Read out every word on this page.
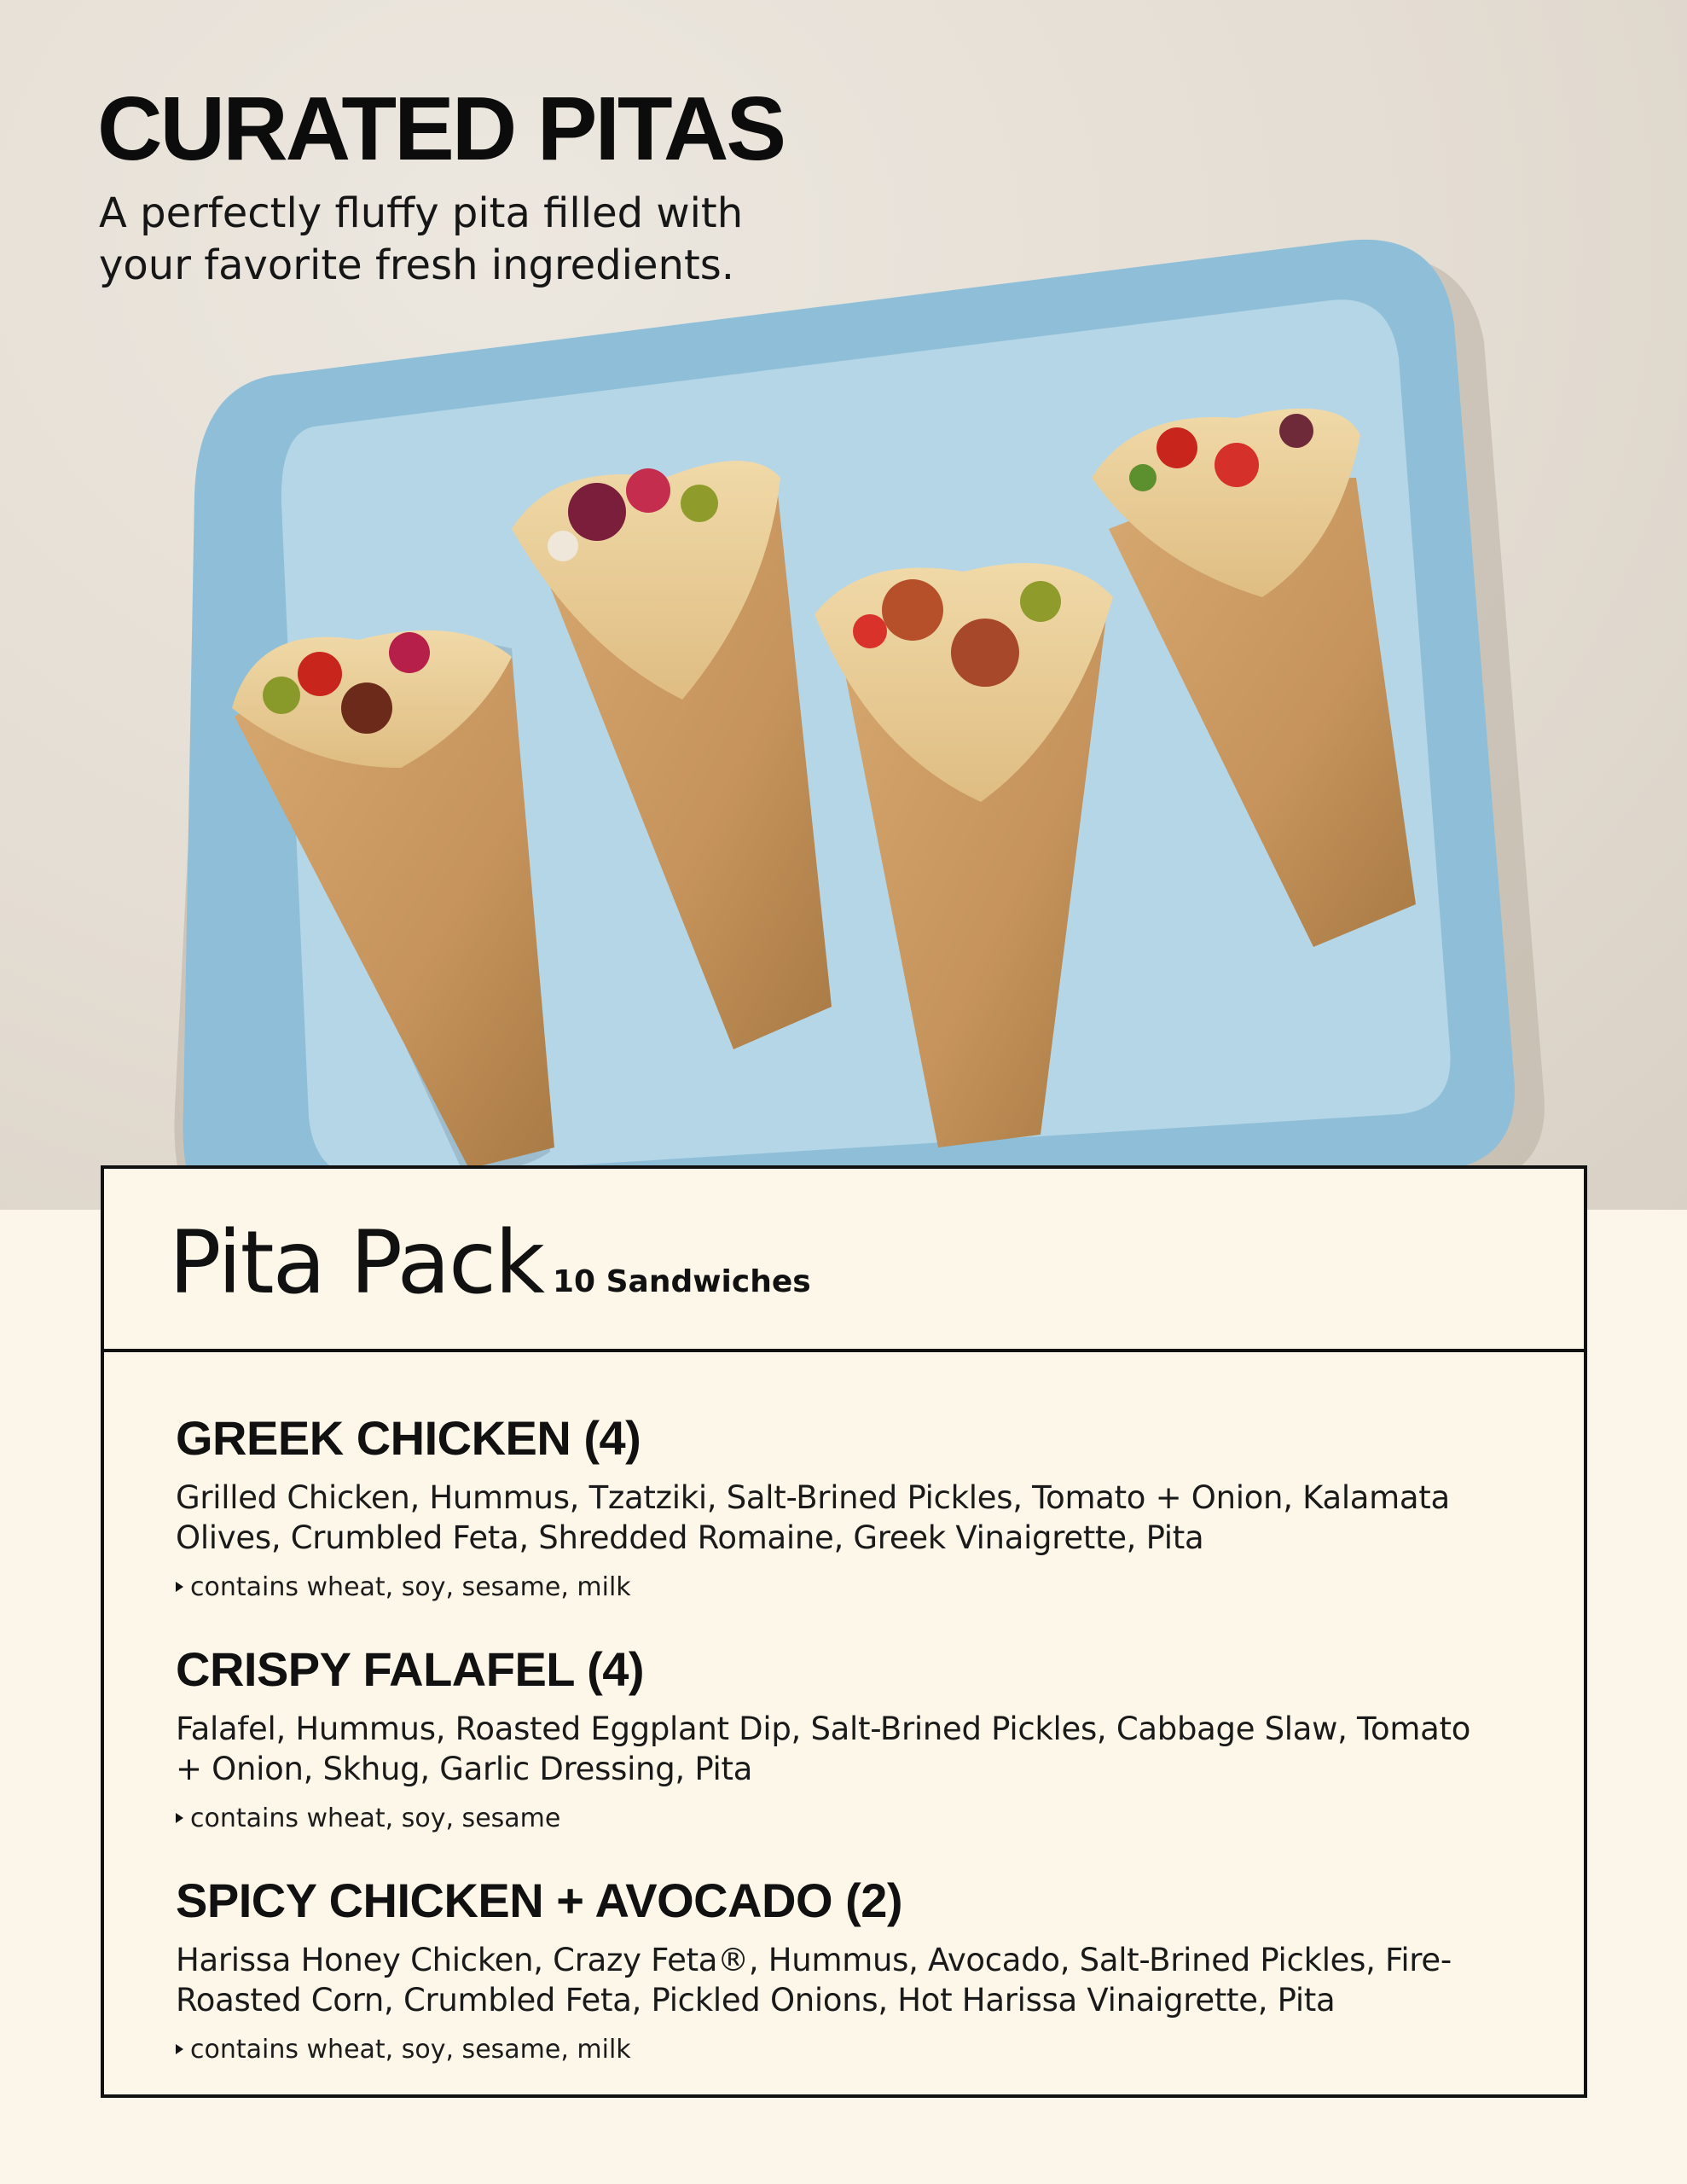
CURATED PITAS

A perfectly fluffy pita filled with your favorite fresh ingredients.

Pita Pack 10 Sandwiches
GREEK CHICKEN (4)

Grilled Chicken, Hummus, Tzatziki, Salt-Brined Pickles, Tomato + Onion, Kalamata Olives, Crumbled Feta, Shredded Romaine, Greek Vinaigrette, Pita

contains wheat, soy, sesame, milk
CRISPY FALAFEL (4)

Falafel, Hummus, Roasted Eggplant Dip, Salt-Brined Pickles, Cabbage Slaw, Tomato + Onion, Skhug, Garlic Dressing, Pita

contains wheat, soy, sesame
SPICY CHICKEN + AVOCADO (2)

Harissa Honey Chicken, Crazy Feta®, Hummus, Avocado, Salt-Brined Pickles, Fire-Roasted Corn, Crumbled Feta, Pickled Onions, Hot Harissa Vinaigrette, Pita

contains wheat, soy, sesame, milk
